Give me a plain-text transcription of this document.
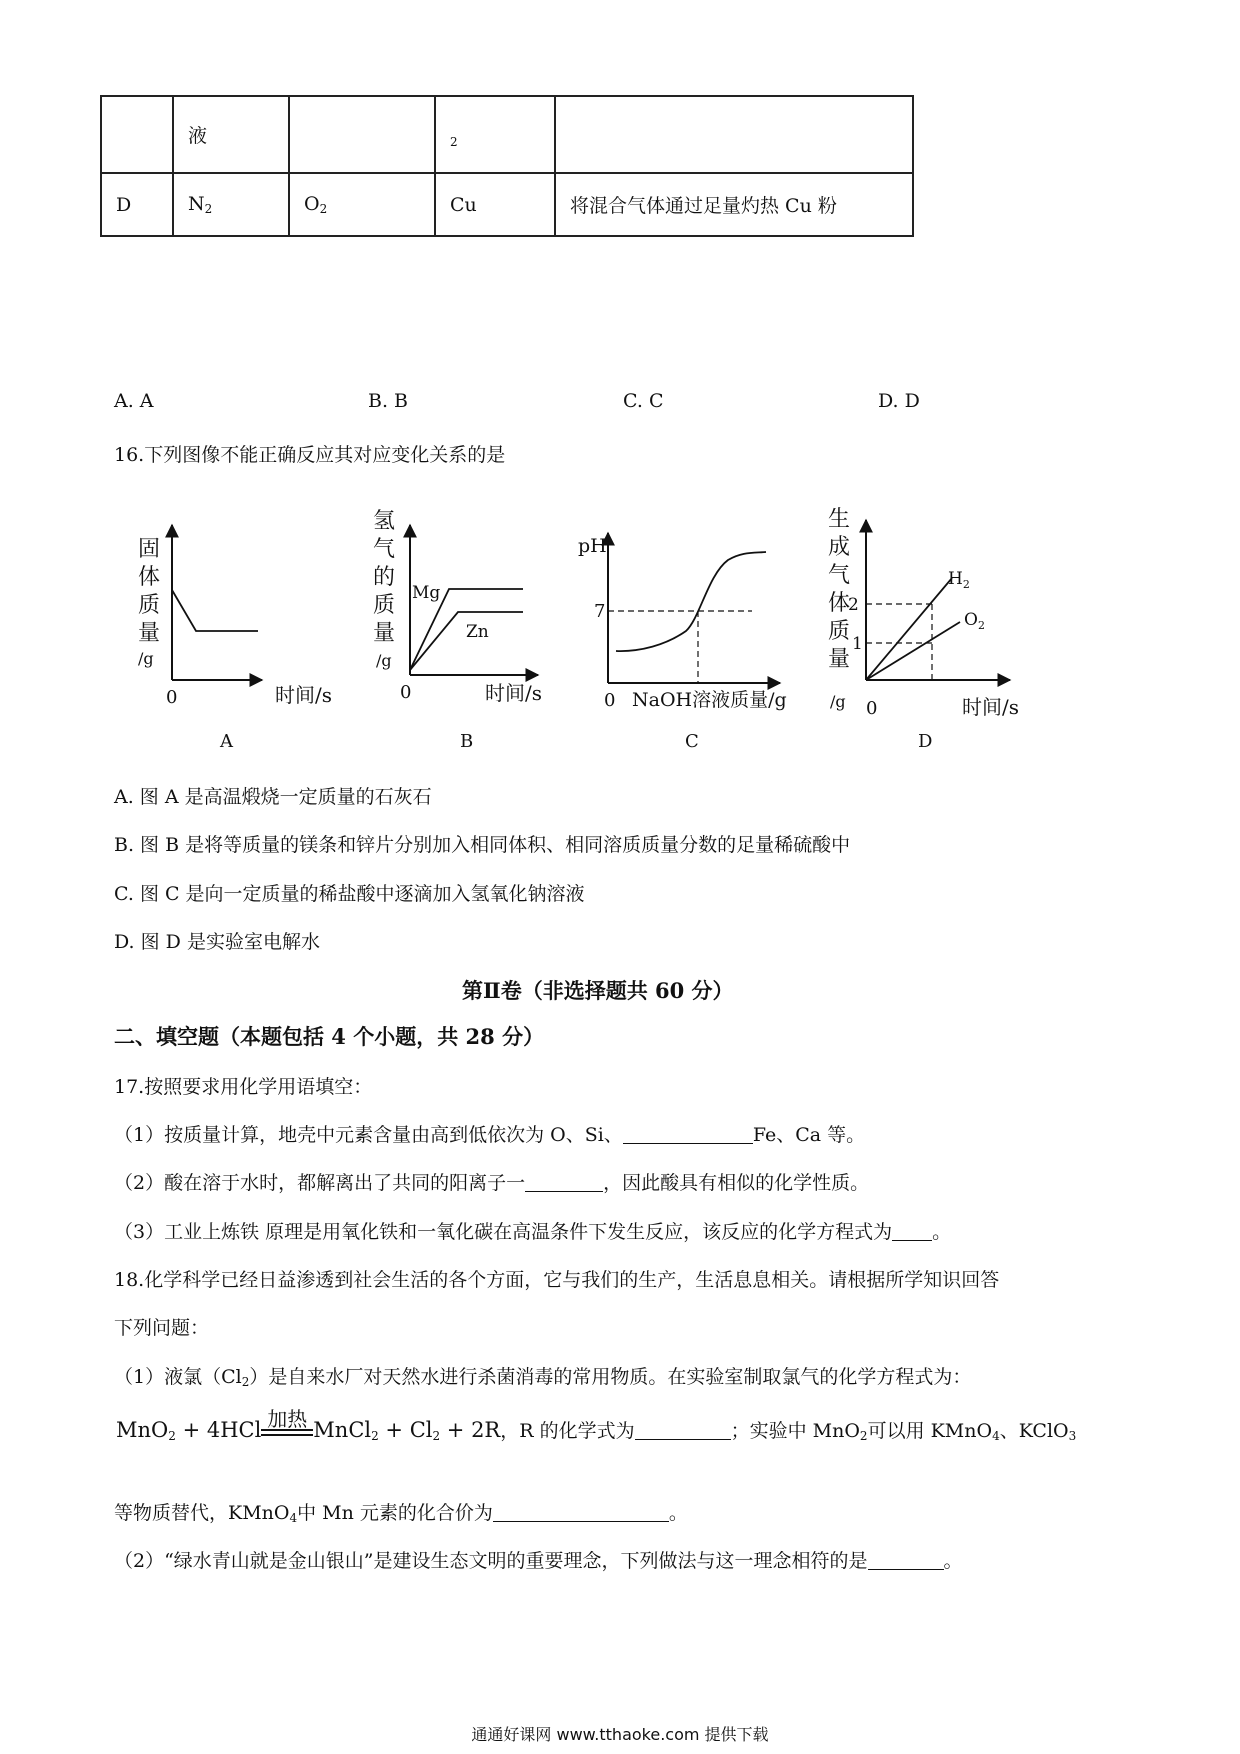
	液		2	
D	$N_2$	$O_2$	Cu	将混合气体通过足量灼热 Cu 粉
A. A	B. B	C. C	D. D
16.下列图像不能正确反应其对应变化关系的是
固
体
质
量
/g
0	时间/s
A
Mg
Zn
氢
气
的
质
量
/g
0	时间/s
B
pH
7
0 NaOH溶液质量/g
C
$H_2$
$O_2$
2
1
生
成
气
体
质
量
/g 0	时间/s
D
A. 图 A 是高温煅烧一定质量的石灰石
B. 图 B 是将等质量的镁条和锌片分别加入相同体积、相同溶质质量分数的足量稀硫酸中
C. 图 C 是向一定质量的稀盐酸中逐滴加入氢氧化钠溶液
D. 图 D 是实验室电解水
第Ⅱ卷（非选择题共 60 分）
二、填空题（本题包括 4 个小题，共 28 分）
17.按照要求用化学用语填空：
（1）按质量计算，地壳中元素含量由高到低依次为 O、Si、	Fe、Ca 等。
（2）酸在溶于水时，都解离出了共同的阳离子一	，因此酸具有相似的化学性质。
（3）工业上炼铁 原理是用氧化铁和一氧化碳在高温条件下发生反应，该反应的化学方程式为 。
18.化学科学已经日益渗透到社会生活的各个方面，它与我们的生产，生活息息相关。请根据所学知识回答
下列问题：
（1）液氯$(Cl_2)$是自来水厂对天然水进行杀菌消毒的常用物质。在实验室制取氯气的化学方程式为：
MnO$_2$ + 4HCl 加热 MnCl$_2$ + $Cl_2 + 2R$，R 的化学式为	；实验中 MnO$_2$可以用 KMnO$_4$、KClO$_3$
等物质替代，KMnO$_4$中 Mn 元素的化合价为	。
（2）“绿水青山就是金山银山”是建设生态文明的重要理念，下列做法与这一理念相符的是	。
通通好课网 www.tthaoke.com 提供下载
